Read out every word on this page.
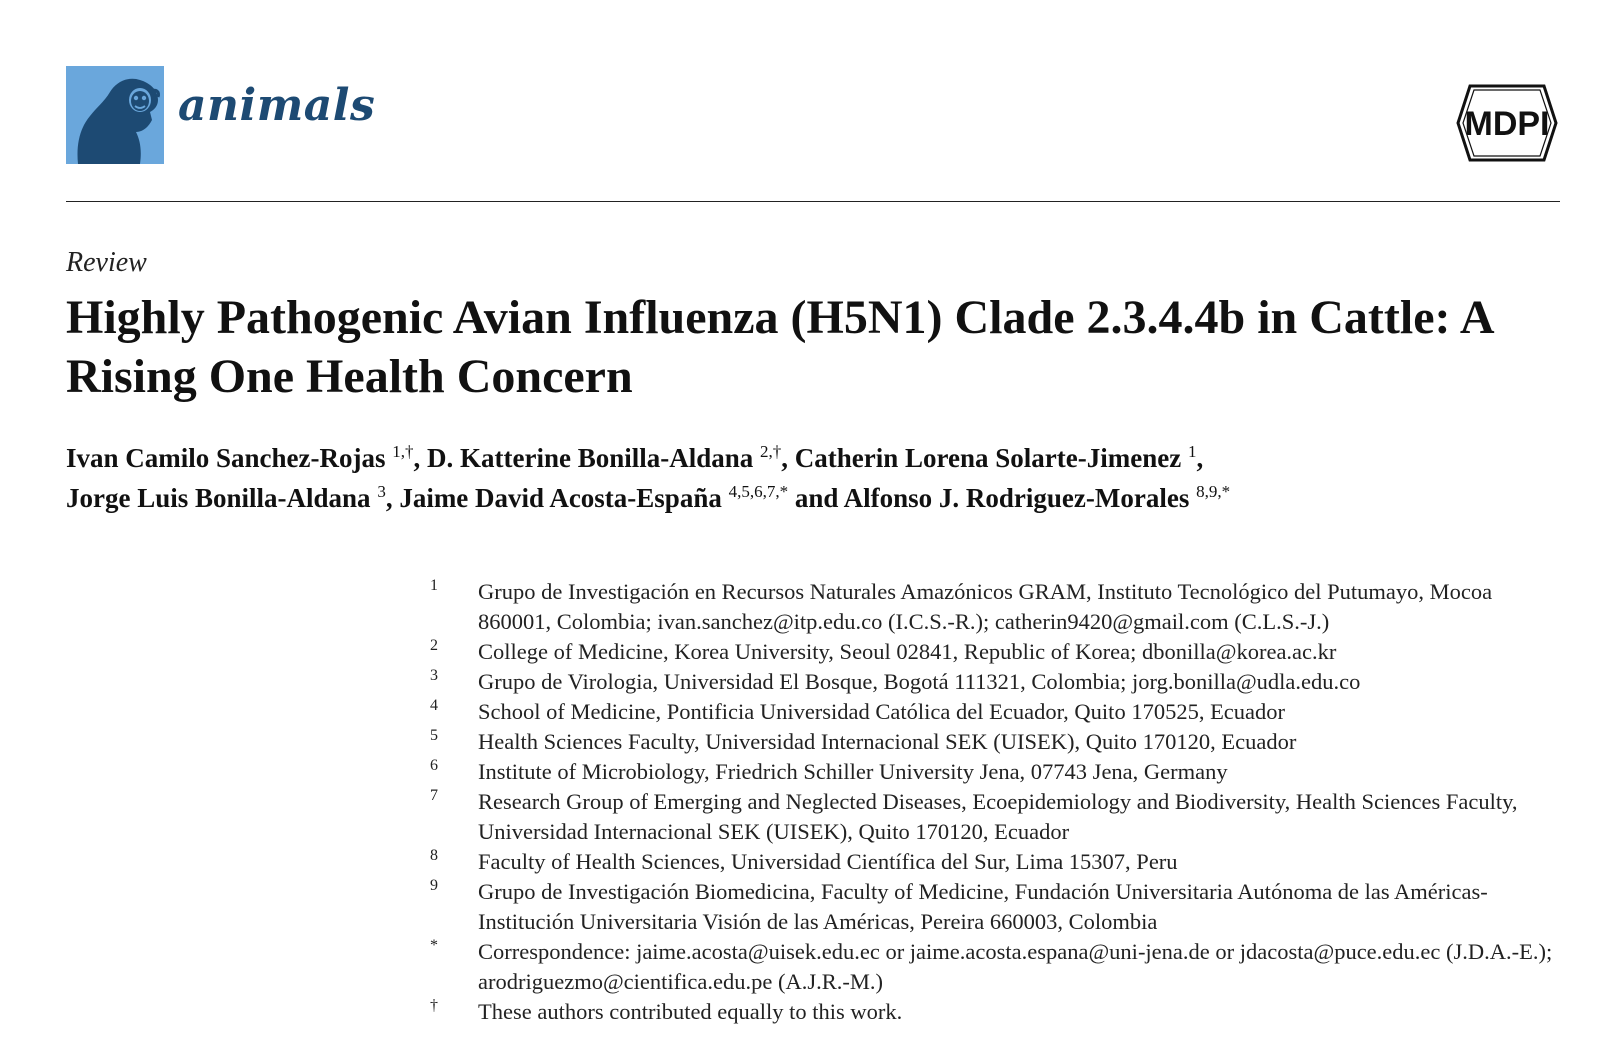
animals	MDPI
Review
Highly Pathogenic Avian Influenza (H5N1) Clade 2.3.4.4b in Cattle: A Rising One Health Concern
Ivan Camilo Sanchez-Rojas $^{1,\dagger}$, D. Katterine Bonilla-Aldana $^{2,\dagger}$, Catherin Lorena Solarte-Jimenez $^1$,
Jorge Luis Bonilla-Aldana $^3$, Jaime David Acosta-España $^{4,5,6,7,*}$ and Alfonso J. Rodriguez-Morales $^{8,9,*}$
1 Grupo de Investigación en Recursos Naturales Amazónicos GRAM, Instituto Tecnológico del Putumayo, Mocoa 860001, Colombia; ivan.sanchez@itp.edu.co (I.C.S.-R.); catherin9420@gmail.com (C.L.S.-J.)
2 College of Medicine, Korea University, Seoul 02841, Republic of Korea; dbonilla@korea.ac.kr
3 Grupo de Virologia, Universidad El Bosque, Bogotá 111321, Colombia; jorg.bonilla@udla.edu.co
4 School of Medicine, Pontificia Universidad Católica del Ecuador, Quito 170525, Ecuador
5 Health Sciences Faculty, Universidad Internacional SEK (UISEK), Quito 170120, Ecuador
6 Institute of Microbiology, Friedrich Schiller University Jena, 07743 Jena, Germany
7 Research Group of Emerging and Neglected Diseases, Ecoepidemiology and Biodiversity, Health Sciences Faculty, Universidad Internacional SEK (UISEK), Quito 170120, Ecuador
8 Faculty of Health Sciences, Universidad Científica del Sur, Lima 15307, Peru
9 Grupo de Investigación Biomedicina, Faculty of Medicine, Fundación Universitaria Autónoma de las Américas-Institución Universitaria Visión de las Américas, Pereira 660003, Colombia
* Correspondence: jaime.acosta@uisek.edu.ec or jaime.acosta.espana@uni-jena.de or jdacosta@puce.edu.ec (J.D.A.-E.); arodriguezmo@cientifica.edu.pe (A.J.R.-M.)
† These authors contributed equally to this work.
